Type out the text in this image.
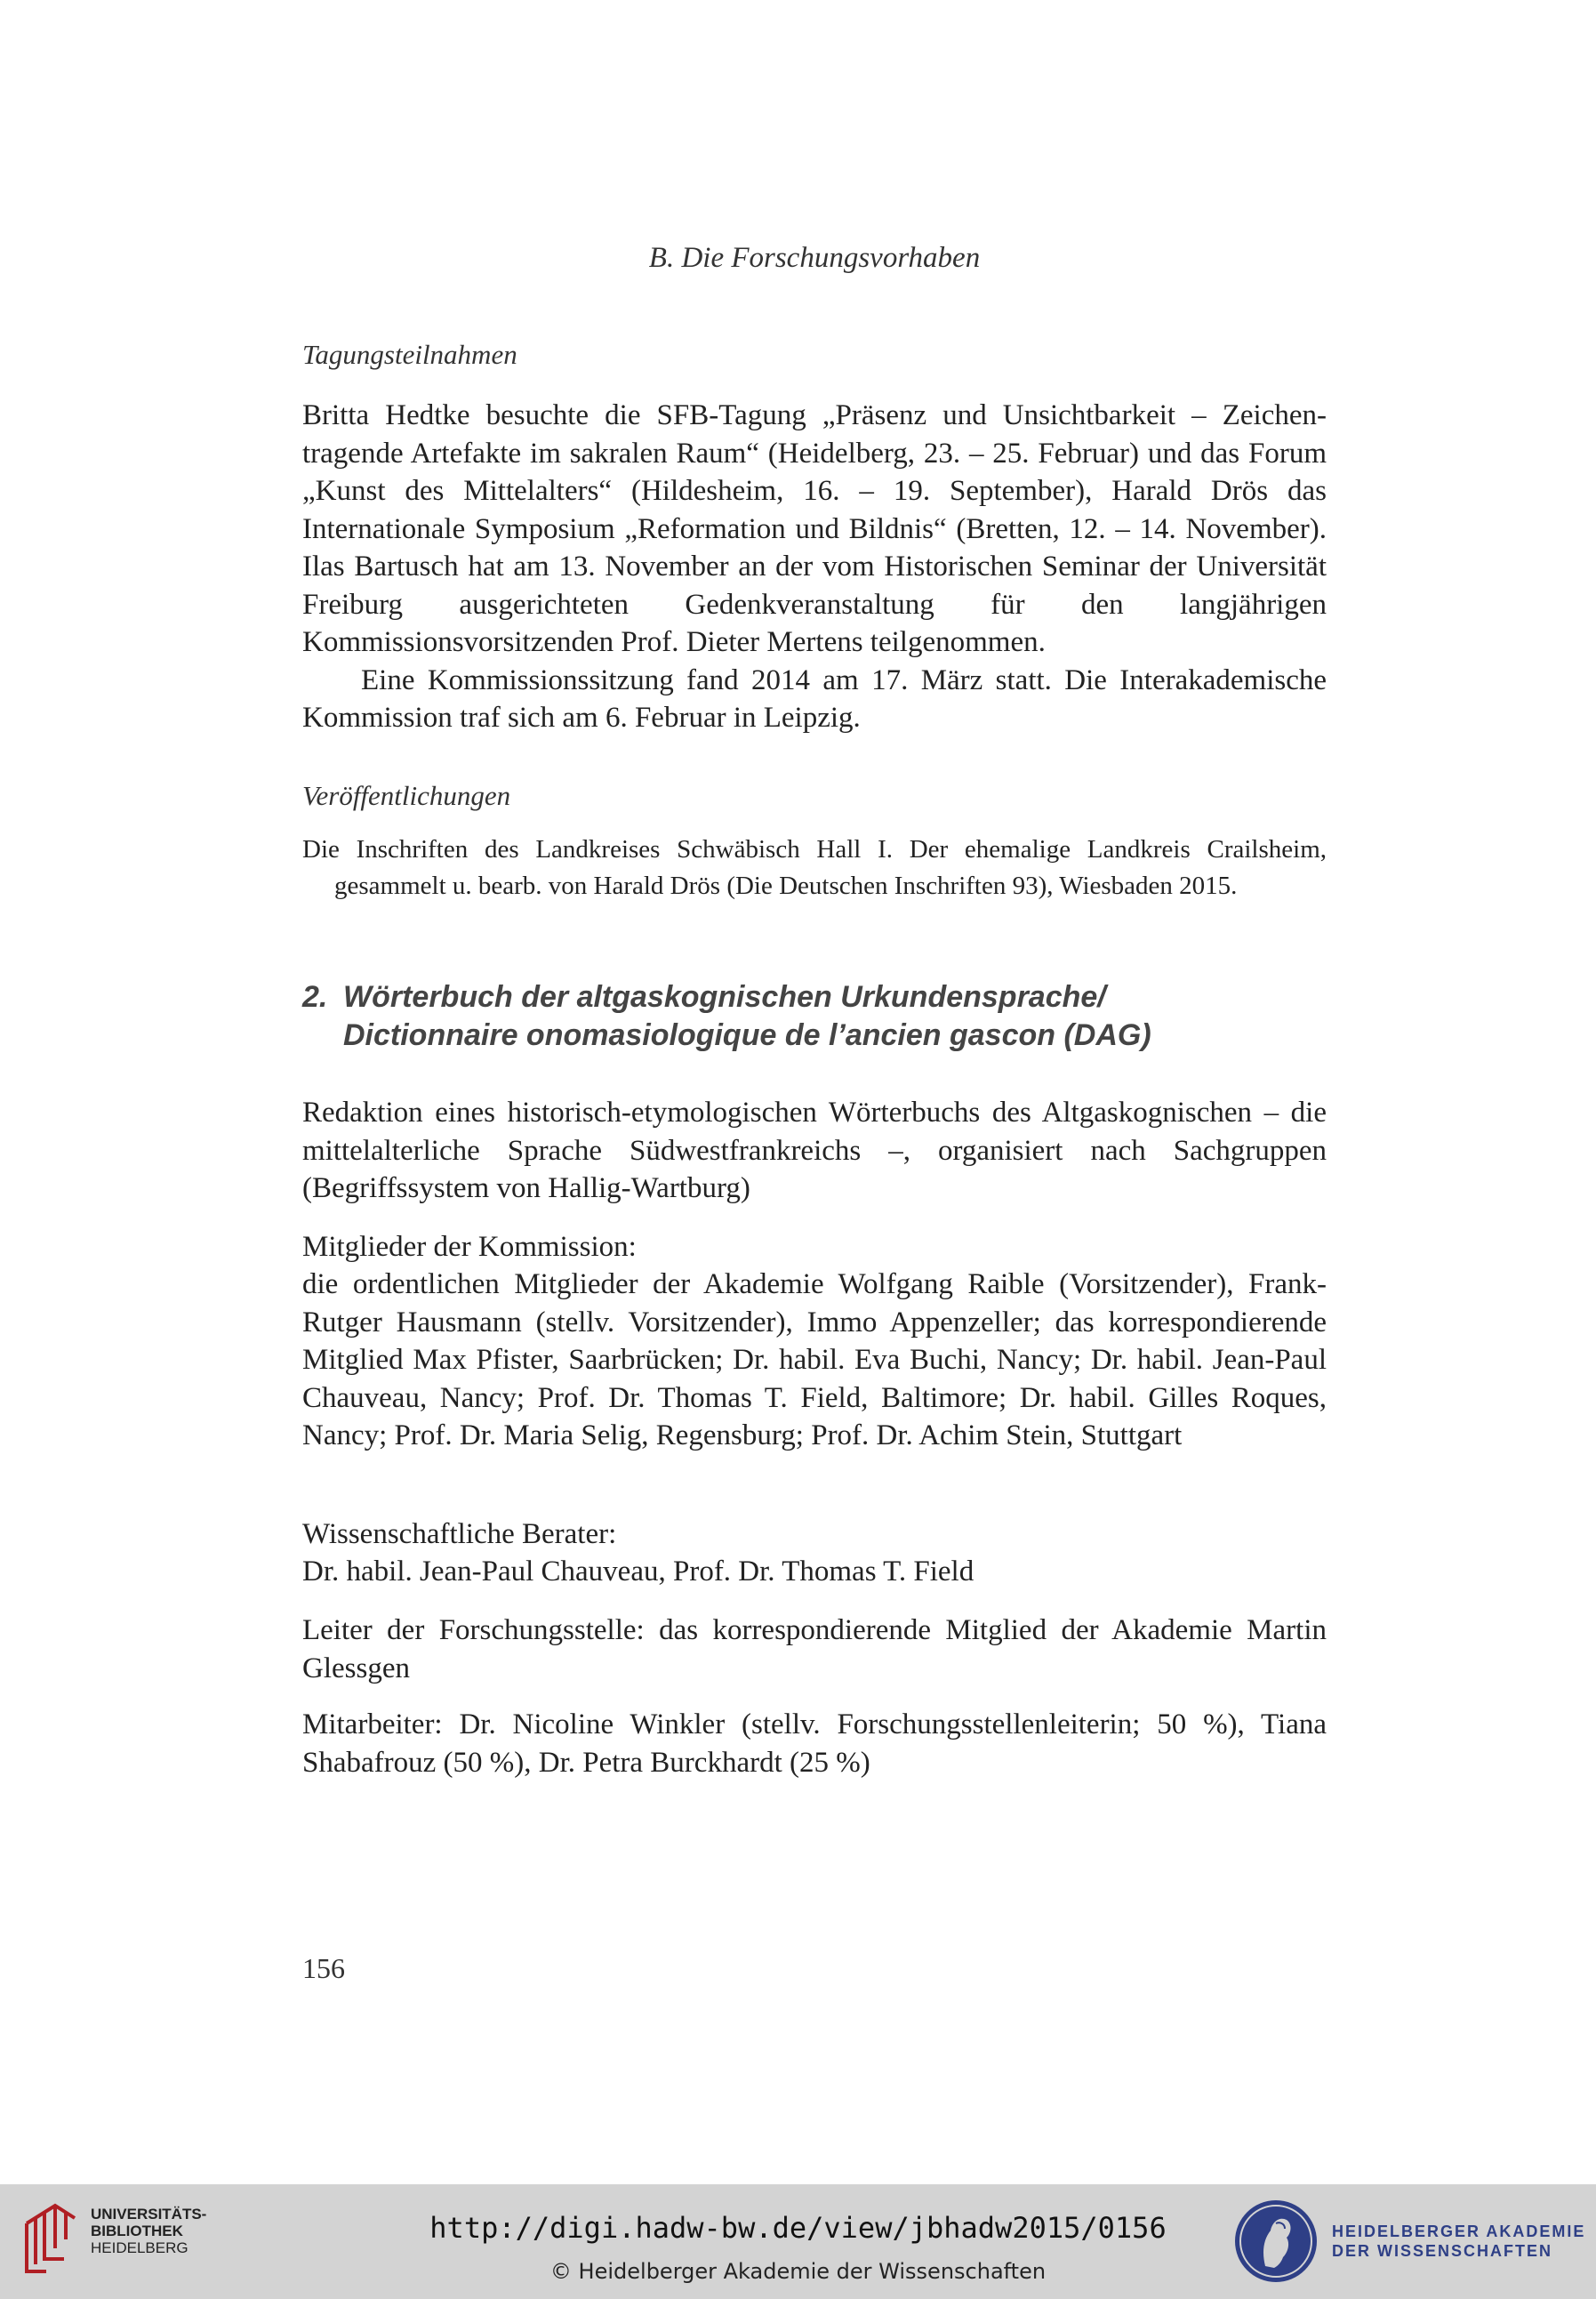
B. Die Forschungsvorhaben
Tagungsteilnahmen

Britta Hedtke besuchte die SFB-Tagung „Präsenz und Unsichtbarkeit – Zeichentragende Artefakte im sakralen Raum“ (Heidelberg, 23. – 25. Februar) und das Forum „Kunst des Mittelalters“ (Hildesheim, 16. – 19. September), Harald Drös das Internationale Symposium „Reformation und Bildnis“ (Bretten, 12. – 14. November). Ilas Bartusch hat am 13. November an der vom Historischen Seminar der Universität Freiburg ausgerichteten Gedenkveranstaltung für den langjährigen Kommissionsvorsitzenden Prof. Dieter Mertens teilgenommen.

Eine Kommissionssitzung fand 2014 am 17. März statt. Die Interakademische Kommission traf sich am 6. Februar in Leipzig.

Veröffentlichungen
Die Inschriften des Landkreises Schwäbisch Hall I. Der ehemalige Landkreis Crailsheim, gesammelt u. bearb. von Harald Drös (Die Deutschen Inschriften 93), Wiesbaden 2015.
2. Wörterbuch der altgaskognischen Urkundensprache/
Dictionnaire onomasiologique de l’ancien gascon (DAG)
Redaktion eines historisch-etymologischen Wörterbuchs des Altgaskognischen – die mittelalterliche Sprache Südwestfrankreichs –, organisiert nach Sachgruppen (Begriffssystem von Hallig-Wartburg)
Mitglieder der Kommission:
die ordentlichen Mitglieder der Akademie Wolfgang Raible (Vorsitzender), Frank-Rutger Hausmann (stellv. Vorsitzender), Immo Appenzeller; das korrespondierende Mitglied Max Pfister, Saarbrücken; Dr. habil. Eva Buchi, Nancy; Dr. habil. Jean-Paul Chauveau, Nancy; Prof. Dr. Thomas T. Field, Baltimore; Dr. habil. Gilles Roques, Nancy; Prof. Dr. Maria Selig, Regensburg; Prof. Dr. Achim Stein, Stuttgart
Wissenschaftliche Berater:
Dr. habil. Jean-Paul Chauveau, Prof. Dr. Thomas T. Field
Leiter der Forschungsstelle: das korrespondierende Mitglied der Akademie Martin Glessgen
Mitarbeiter: Dr. Nicoline Winkler (stellv. Forschungsstellenleiterin; 50 %), Tiana Shabafrouz (50 %), Dr. Petra Burckhardt (25 %)
156
UNIVERSITÄTS-
BIBLIOTHEK
HEIDELBERG
http://digi.hadw-bw.de/view/jbhadw2015/0156
© Heidelberger Akademie der Wissenschaften
HEIDELBERGER AKADEMIE
DER WISSENSCHAFTEN
